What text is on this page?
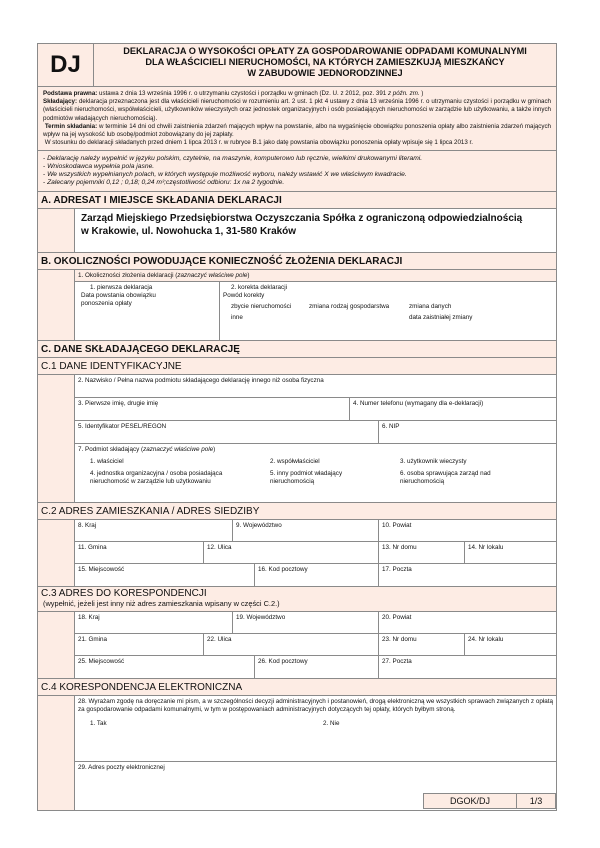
DJ	DEKLARACJA O WYSOKOŚCI OPŁATY ZA GOSPODAROWANIE ODPADAMI KOMUNALNYMI
DLA WŁAŚCICIELI NIERUCHOMOŚCI, NA KTÓRYCH ZAMIESZKUJĄ MIESZKAŃCY
W ZABUDOWIE JEDNORODZINNEJ

Podstawa prawna: ustawa z dnia 13 września 1996 r. o utrzymaniu czystości i porządku w gminach (Dz. U. z 2012, poz. 391 z późn. zm. )

Składający: deklaracja przeznaczona jest dla właścicieli nieruchomości w rozumieniu art. 2 ust. 1 pkt 4 ustawy z dnia 13 września 1996 r. o utrzymaniu czystości i porządku w gminach (właścicieli nieruchomości, współwłaścicieli, użytkowników wieczystych oraz jednostek organizacyjnych i osób posiadających nieruchomości w zarządzie lub użytkowaniu, a także innych podmiotów władających nieruchomością).

Termin składania: w terminie 14 dni od chwili zaistnienia zdarzeń mających wpływ na powstanie, albo na wygaśnięcie obowiązku ponoszenia opłaty albo zaistnienia zdarzeń mających wpływ na jej wysokość lub osobę/podmiot zobowiązany do jej zapłaty.

W stosunku do deklaracji składanych przed dniem 1 lipca 2013 r. w rubryce B.1 jako datę powstania obowiązku ponoszenia opłaty wpisuje się 1 lipca 2013 r.

- Deklarację należy wypełnić w języku polskim, czytelnie, na maszynie, komputerowo lub ręcznie, wielkimi drukowanymi literami.
- Wnioskodawca wypełnia pola jasne.
- We wszystkich wypełnianych polach, w których występuje możliwość wyboru, należy wstawić X we właściwym kwadracie.
- Zalecany pojemniki 0,12 ; 0,18; 0,24 m³;częstotliwość odbioru: 1x na 2 tygodnie.
A. ADRESAT I MIEJSCE SKŁADANIA DEKLARACJI
Zarząd Miejskiego Przedsiębiorstwa Oczyszczania Spółka z ograniczoną odpowiedzialnością
w Krakowie, ul. Nowohucka 1, 31-580 Kraków
B. OKOLICZNOŚCI POWODUJĄCE KONIECZNOŚĆ ZŁOŻENIA DEKLARACJI
1. Okoliczności złożenia deklaracji (zaznaczyć właściwe pole)
1. pierwsza deklaracja
Data powstania obowiązku ponoszenia opłaty
2. korekta deklaracji
Powód korekty
zbycie nieruchomości	zmiana rodzaj gospodarstwa	zmiana danych
inne	data zaistniałej zmiany
C. DANE SKŁADAJĄCEGO DEKLARACJĘ
C.1 DANE IDENTYFIKACYJNE
2. Nazwisko / Pełna nazwa podmiotu składającego deklarację innego niż osoba fizyczna
3. Pierwsze imię, drugie imię	4. Numer telefonu (wymagany dla e-deklaracji)
5. Identyfikator PESEL/REGON	6. NIP
7. Podmiot składający (zaznaczyć właściwe pole)
1. właściciel	2. współwłaściciel	3. użytkownik wieczysty
4. jednostka organizacyjna / osoba posiadająca nieruchomość w zarządzie lub użytkowaniu
5. inny podmiot władający nieruchomością
6. osoba sprawująca zarząd nad nieruchomością
C.2 ADRES ZAMIESZKANIA / ADRES SIEDZIBY
8. Kraj	9. Województwo	10. Powiat
11. Gmina	12. Ulica	13. Nr domu	14. Nr lokalu
15. Miejscowość	16. Kod pocztowy	17. Poczta
C.3 ADRES DO KORESPONDENCJI
(wypełnić, jeżeli jest inny niż adres zamieszkania wpisany w części C.2.)
18. Kraj	19. Województwo	20. Powiat
21. Gmina	22. Ulica	23. Nr domu	24. Nr lokalu
25. Miejscowość	26. Kod pocztowy	27. Poczta
C.4 KORESPONDENCJA ELEKTRONICZNA
28. Wyrażam zgodę na doręczanie mi pism, a w szczególności decyzji administracyjnych i postanowień, drogą elektroniczną we wszystkich sprawach związanych z opłatą za gospodarowanie odpadami komunalnymi, w tym w postępowaniach administracyjnych dotyczących tej opłaty, których byłbym stroną.
1. Tak	2. Nie
29. Adres poczty elektronicznej
DGOK/DJ	1/3
